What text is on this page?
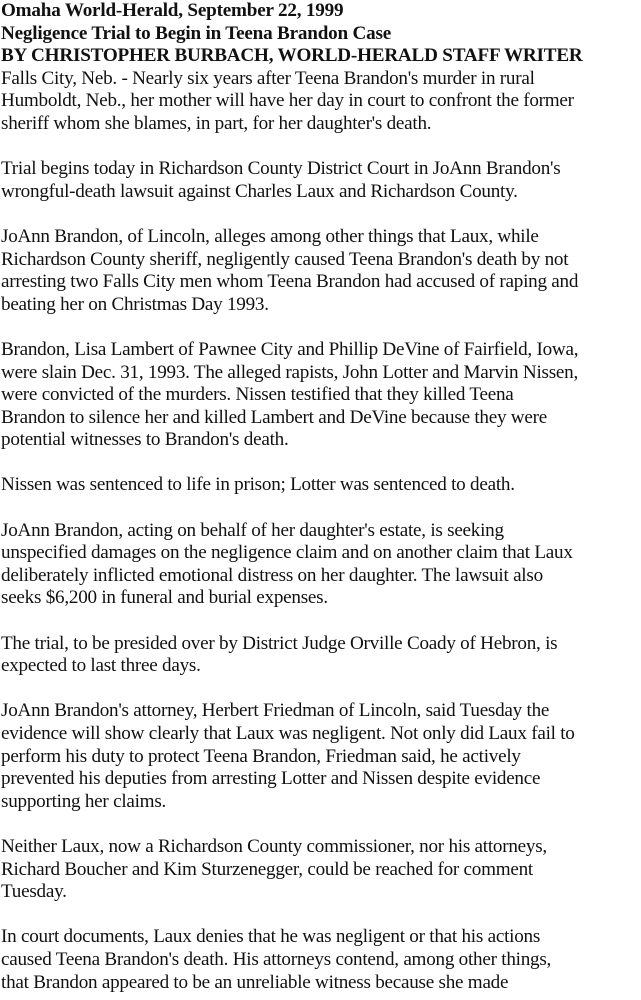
Omaha World-Herald, September 22, 1999
Negligence Trial to Begin in Teena Brandon Case
BY CHRISTOPHER BURBACH, WORLD-HERALD STAFF WRITER
Falls City, Neb. - Nearly six years after Teena Brandon's murder in rural
Humboldt, Neb., her mother will have her day in court to confront the former
sheriff whom she blames, in part, for her daughter's death.
Trial begins today in Richardson County District Court in JoAnn Brandon's
wrongful-death lawsuit against Charles Laux and Richardson County.
JoAnn Brandon, of Lincoln, alleges among other things that Laux, while
Richardson County sheriff, negligently caused Teena Brandon's death by not
arresting two Falls City men whom Teena Brandon had accused of raping and
beating her on Christmas Day 1993.
Brandon, Lisa Lambert of Pawnee City and Phillip DeVine of Fairfield, Iowa,
were slain Dec. 31, 1993. The alleged rapists, John Lotter and Marvin Nissen,
were convicted of the murders. Nissen testified that they killed Teena
Brandon to silence her and killed Lambert and DeVine because they were
potential witnesses to Brandon's death.
Nissen was sentenced to life in prison; Lotter was sentenced to death.
JoAnn Brandon, acting on behalf of her daughter's estate, is seeking
unspecified damages on the negligence claim and on another claim that Laux
deliberately inflicted emotional distress on her daughter. The lawsuit also
seeks $6,200 in funeral and burial expenses.
The trial, to be presided over by District Judge Orville Coady of Hebron, is
expected to last three days.
JoAnn Brandon's attorney, Herbert Friedman of Lincoln, said Tuesday the
evidence will show clearly that Laux was negligent. Not only did Laux fail to
perform his duty to protect Teena Brandon, Friedman said, he actively
prevented his deputies from arresting Lotter and Nissen despite evidence
supporting her claims.
Neither Laux, now a Richardson County commissioner, nor his attorneys,
Richard Boucher and Kim Sturzenegger, could be reached for comment
Tuesday.
In court documents, Laux denies that he was negligent or that his actions
caused Teena Brandon's death. His attorneys contend, among other things,
that Brandon appeared to be an unreliable witness because she made
